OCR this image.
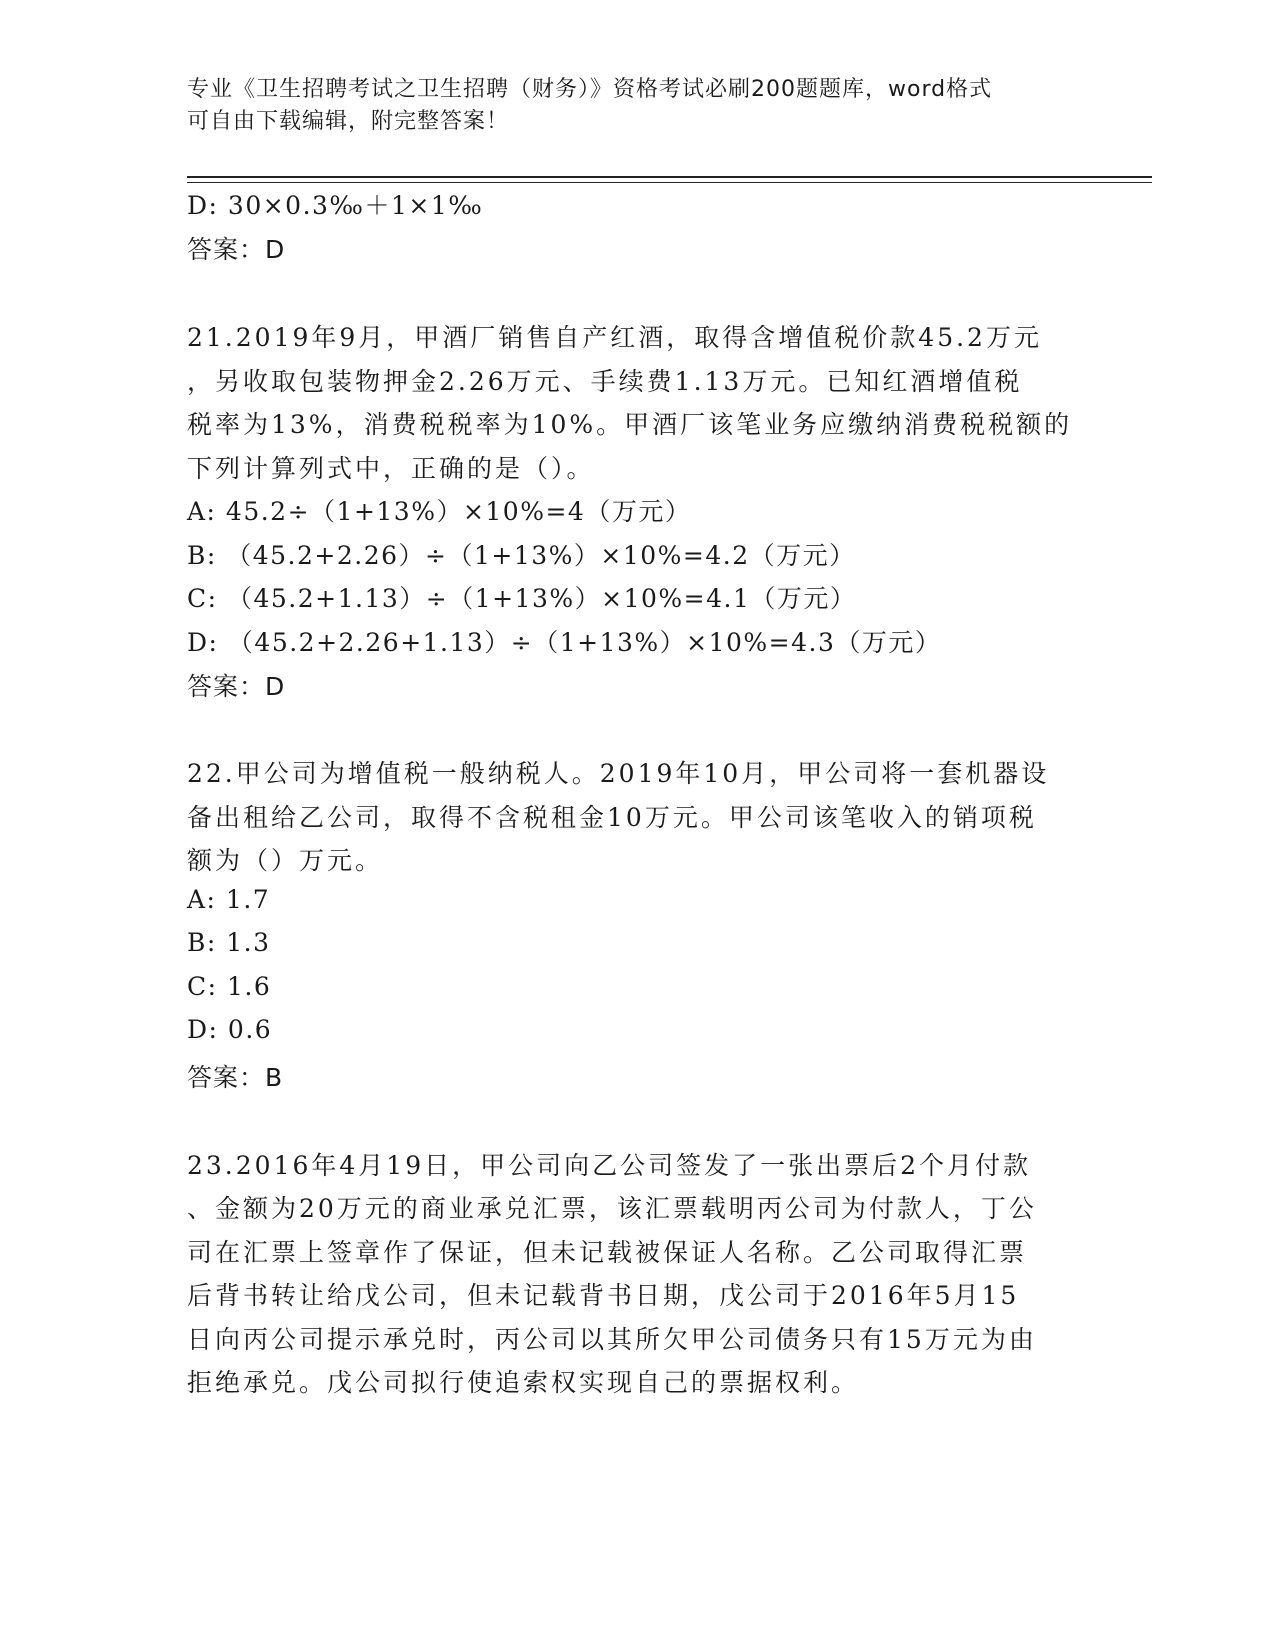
专业《卫生招聘考试之卫生招聘（财务）》资格考试必刷200题题库，word格式
可自由下载编辑，附完整答案！
D: 30×0.3‰＋1×1‰
答案：D
21.2019年9月，甲酒厂销售自产红酒，取得含增值税价款45.2万元
，另收取包装物押金2.26万元、手续费1.13万元。已知红酒增值税
税率为13%，消费税税率为10%。甲酒厂该笔业务应缴纳消费税税额的
下列计算列式中，正确的是（）。
A: 45.2÷（1+13%）×10%=4（万元）
B: （45.2+2.26）÷（1+13%）×10%=4.2（万元）
C: （45.2+1.13）÷（1+13%）×10%=4.1（万元）
D: （45.2+2.26+1.13）÷（1+13%）×10%=4.3（万元）
答案：D
22.甲公司为增值税一般纳税人。2019年10月，甲公司将一套机器设
备出租给乙公司，取得不含税租金10万元。甲公司该笔收入的销项税
额为（）万元。
A: 1.7
B: 1.3
C: 1.6
D: 0.6
答案：B
23.2016年4月19日，甲公司向乙公司签发了一张出票后2个月付款
、金额为20万元的商业承兑汇票，该汇票载明丙公司为付款人，丁公
司在汇票上签章作了保证，但未记载被保证人名称。乙公司取得汇票
后背书转让给戊公司，但未记载背书日期，戊公司于2016年5月15
日向丙公司提示承兑时，丙公司以其所欠甲公司债务只有15万元为由
拒绝承兑。戊公司拟行使追索权实现自己的票据权利。
